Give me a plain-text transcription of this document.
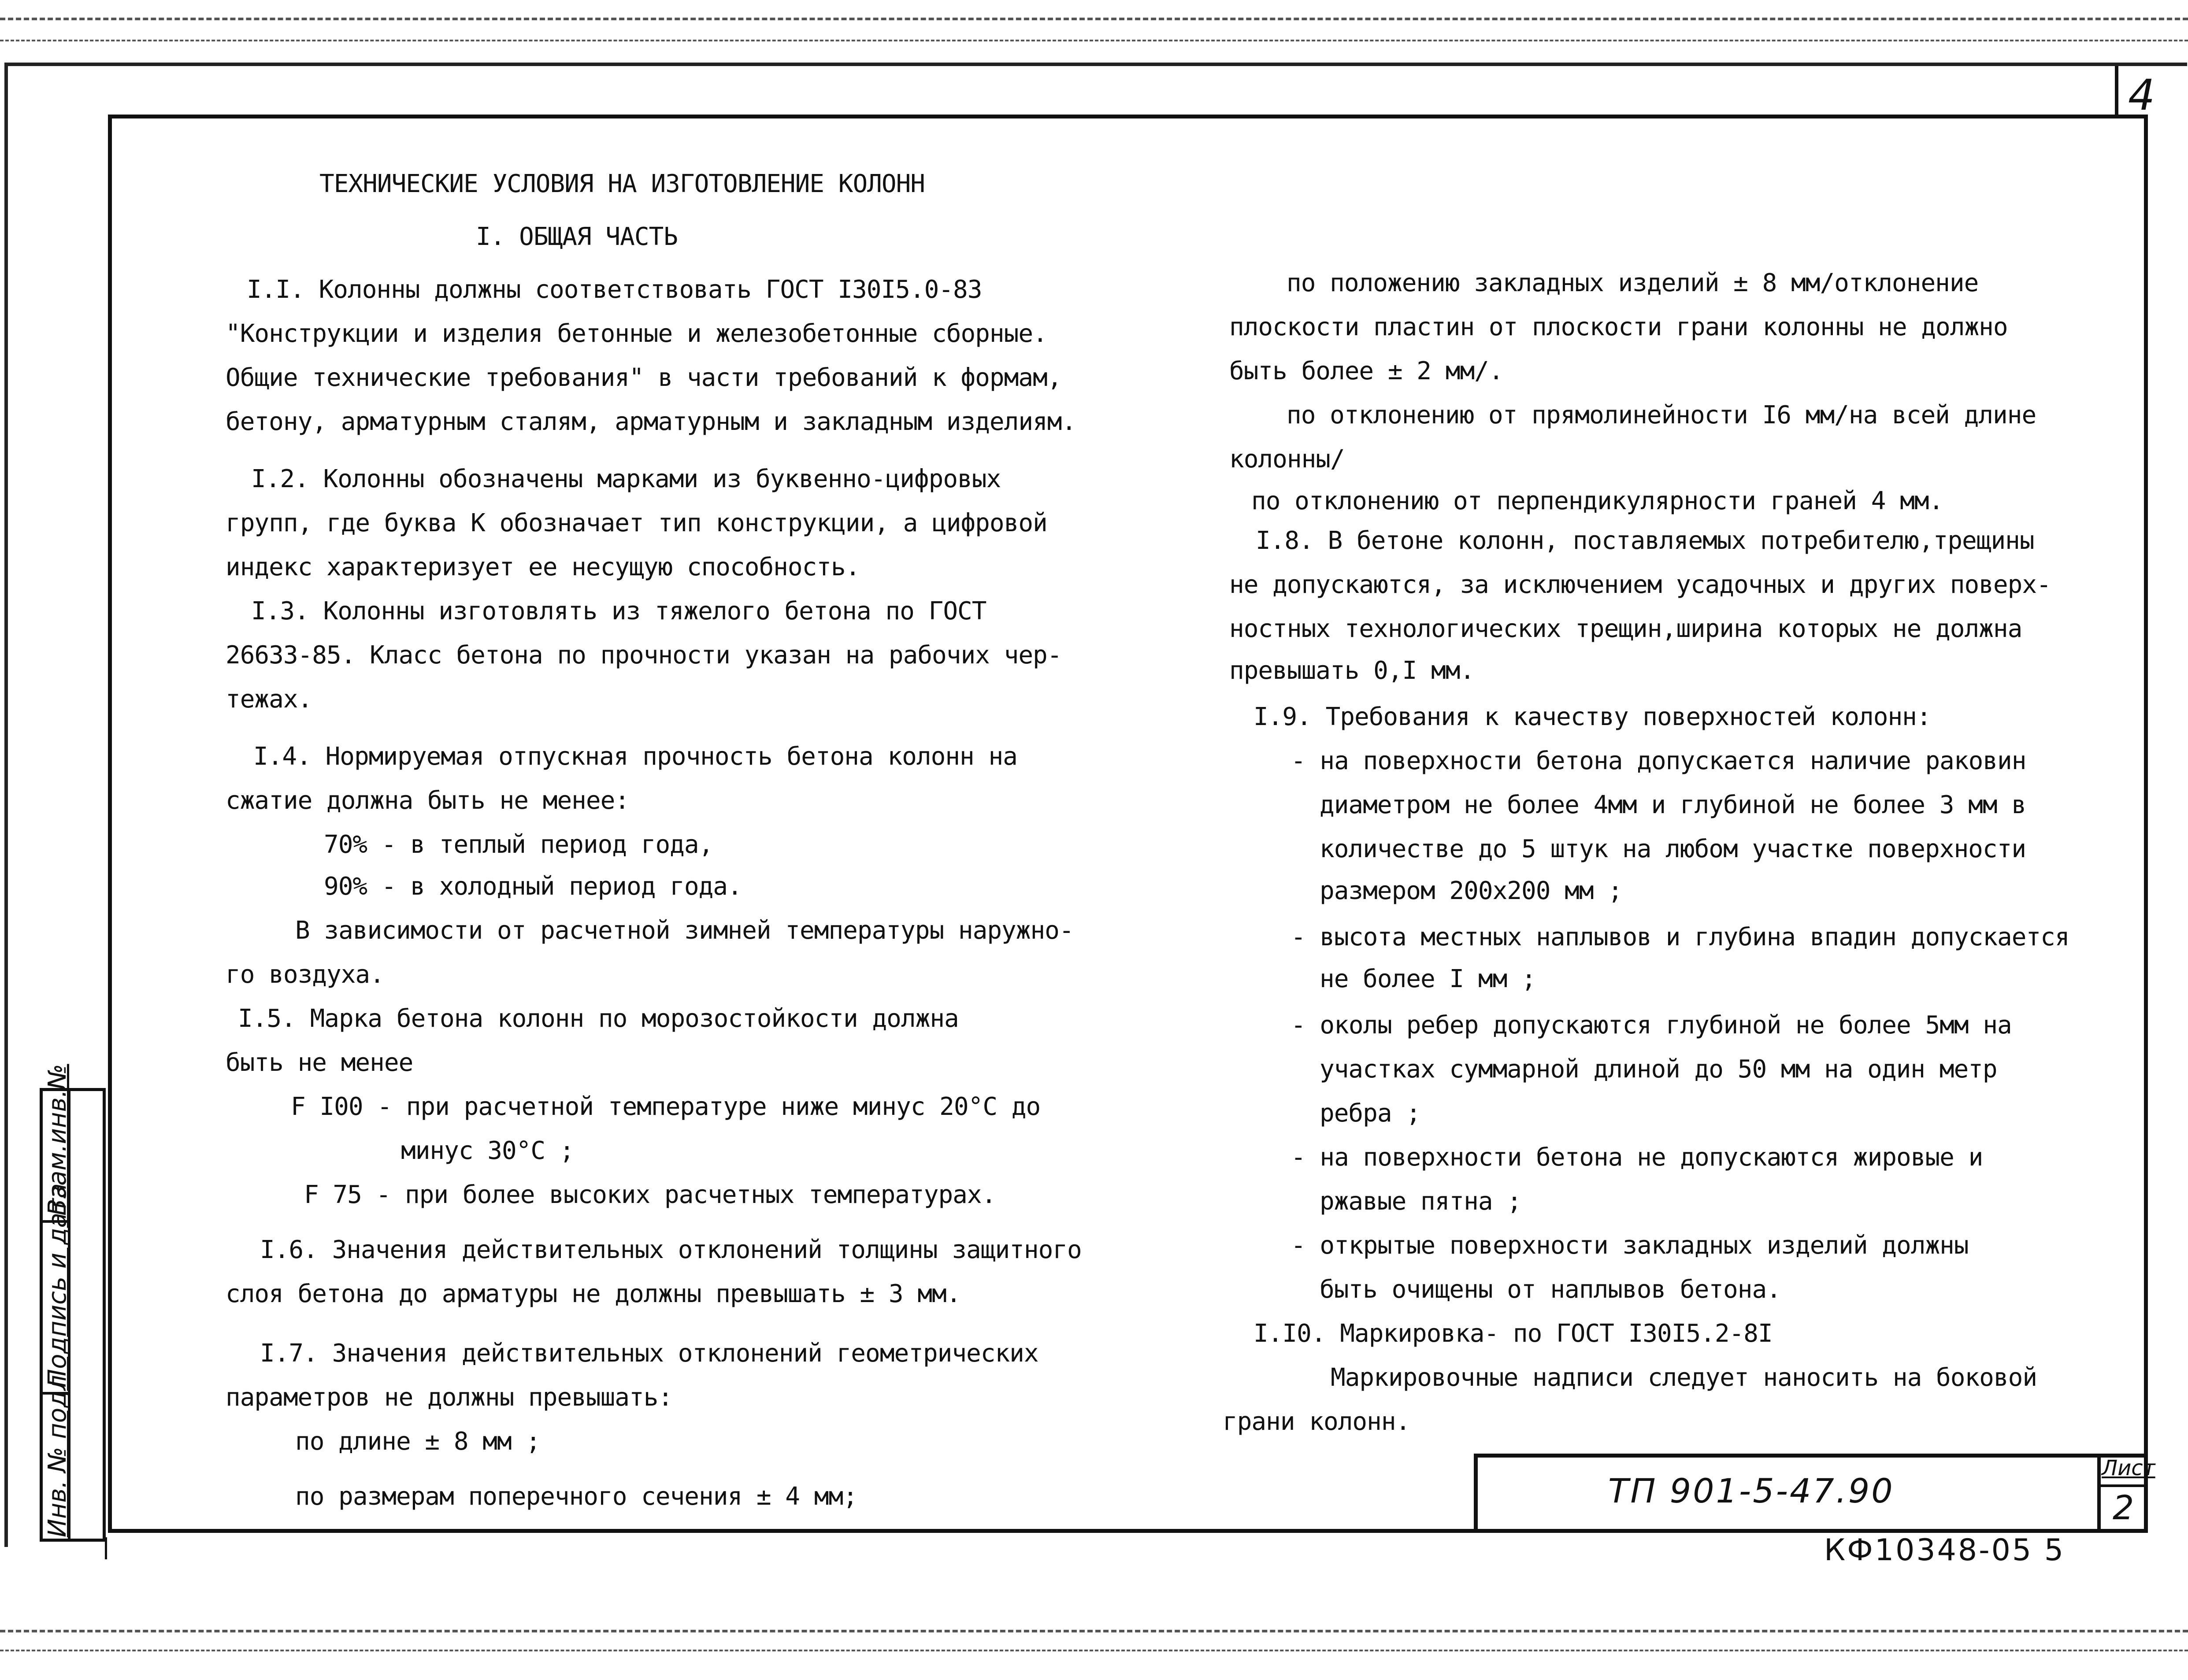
4
Взам.инв.№
Подпись и дата
Инв. № подл
ТЕХНИЧЕСКИЕ УСЛОВИЯ НА ИЗГОТОВЛЕНИЕ КОЛОНН
I. ОБЩАЯ ЧАСТЬ
I.I. Колонны должны соответствовать ГОСТ I30I5.0-83
"Конструкции и изделия бетонные и железобетонные сборные.
Общие технические требования" в части требований к формам,
бетону, арматурным сталям, арматурным и закладным изделиям.
I.2. Колонны обозначены марками из буквенно-цифровых
групп, где буква К обозначает тип конструкции, а цифровой
индекс характеризует ее несущую способность.
I.3. Колонны изготовлять из тяжелого бетона по ГОСТ
26633-85. Класс бетона по прочности указан на рабочих чер-
тежах.
I.4. Нормируемая отпускная прочность бетона колонн на
сжатие должна быть не менее:
70% - в теплый период года,
90% - в холодный период года.
В зависимости от расчетной зимней температуры наружно-
го воздуха.
I.5. Марка бетона колонн по морозостойкости должна
быть не менее
F I00 - при расчетной температуре ниже минус 20°С до
минус 30°С ;
F 75 - при более высоких расчетных температурах.
I.6. Значения действительных отклонений толщины защитного
слоя бетона до арматуры не должны превышать ± 3 мм.
I.7. Значения действительных отклонений геометрических
параметров не должны превышать:
по длине ± 8 мм ;
по размерам поперечного сечения ± 4 мм;
по положению закладных изделий ± 8 мм/отклонение
плоскости пластин от плоскости грани колонны не должно
быть более ± 2 мм/.
по отклонению от прямолинейности I6 мм/на всей длине
колонны/
по отклонению от перпендикулярности граней 4 мм.
I.8. В бетоне колонн, поставляемых потребителю,трещины
не допускаются, за исключением усадочных и других поверх-
ностных технологических трещин,ширина которых не должна
превышать 0,I мм.
I.9. Требования к качеству поверхностей колонн:
- на поверхности бетона допускается наличие раковин
диаметром не более 4мм и глубиной не более 3 мм в
количестве до 5 штук на любом участке поверхности
размером 200х200 мм ;
- высота местных наплывов и глубина впадин допускается
не более I мм ;
- околы ребер допускаются глубиной не более 5мм на
участках суммарной длиной до 50 мм на один метр
ребра ;
- на поверхности бетона не допускаются жировые и
ржавые пятна ;
- открытые поверхности закладных изделий должны
быть очищены от наплывов бетона.
I.I0. Маркировка- по ГОСТ I30I5.2-8I
Маркировочные надписи следует наносить на боковой
грани колонн.
ТП 901-5-47.90
Лист
2
КФ10348-05 5
